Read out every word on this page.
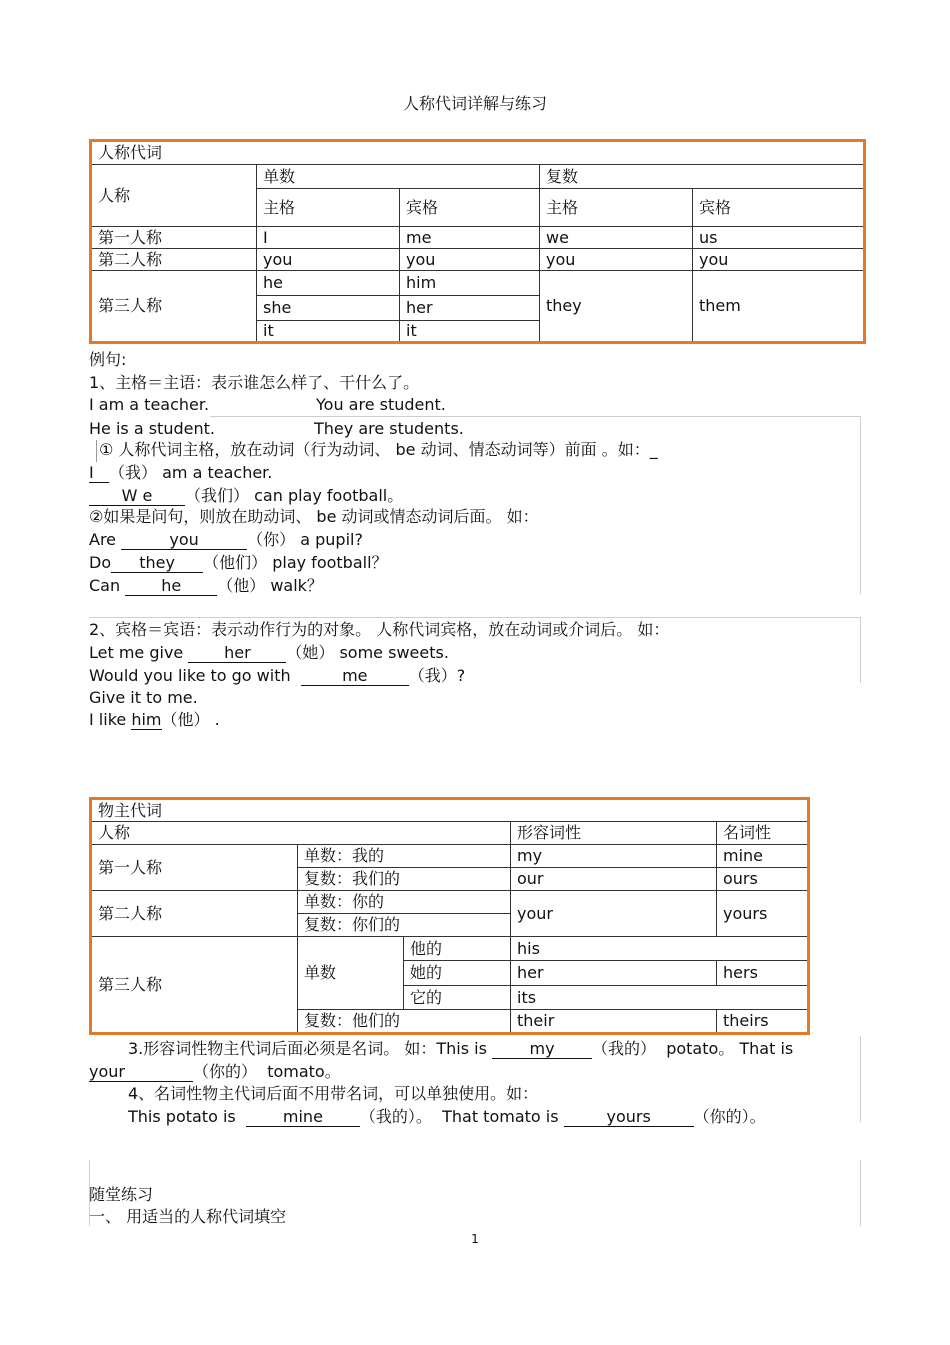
人称代词详解与练习
人称代词				
人称	单数		复数	
	主格	宾格	主格	宾格
第一人称	I	me	we	us
第二人称	you	you	you	you
第三人称	he	him	they	them
	she	her		
	it	it		
例句:
1、主格＝主语：表示谁怎么样了、干什么了。
I am a teacher.	You are student.
He is a student.	They are students.
① 人称代词主格，放在动词（行为动词、 be 动词、情态动词等）前面 。如：_
I （我） am a teacher.
W e （我们） can play football。
②如果是问句，则放在助动词、 be 动词或情态动词后面。 如：
Are	you	（你） a pupil?
Do they （他们） play football？
Can	he （他） walk？
2、宾格＝宾语：表示动作行为的对象。 人称代词宾格，放在动词或介词后。 如：
Let me give	her （她） some sweets.
Would you like to go with	me	（我）?
Give it to me.
I like him（他） .
物主代词				
人称			形容词性	名词性
第一人称	单数：我的		my	mine
	复数：我们的		our	ours
第二人称	单数：你的		your	yours
	复数：你们的			
第三人称	单数	他的	his	
		她的	her	hers
		它的	its	
	复数：他们的		their	theirs
3.形容词性物主代词后面必须是名词。 如：This is	my （我的） potato。 That is
your	（你的） tomato。
4、名词性物主代词后面不用带名词，可以单独使用。如：
This potato is	mine （我的）。 That tomato is	yours	（你的）。
随堂练习
一、 用适当的人称代词填空
1
